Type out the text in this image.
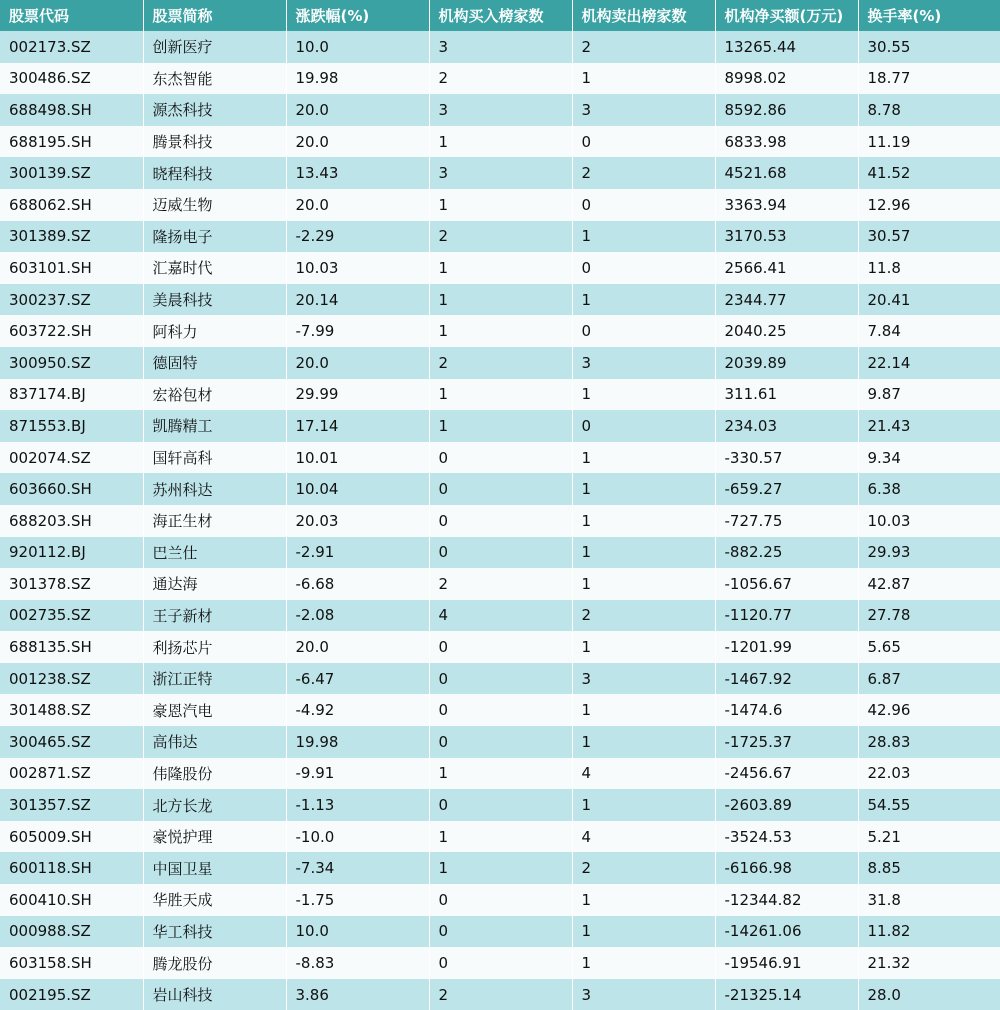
股票代码	股票简称	涨跌幅(%)	机构买入榜家数	机构卖出榜家数	机构净买额(万元)	换手率(%)
002173.SZ	创新医疗	10.0	3	2	13265.44	30.55
300486.SZ	东杰智能	19.98	2	1	8998.02	18.77
688498.SH	源杰科技	20.0	3	3	8592.86	8.78
688195.SH	腾景科技	20.0	1	0	6833.98	11.19
300139.SZ	晓程科技	13.43	3	2	4521.68	41.52
688062.SH	迈威生物	20.0	1	0	3363.94	12.96
301389.SZ	隆扬电子	-2.29	2	1	3170.53	30.57
603101.SH	汇嘉时代	10.03	1	0	2566.41	11.8
300237.SZ	美晨科技	20.14	1	1	2344.77	20.41
603722.SH	阿科力	-7.99	1	0	2040.25	7.84
300950.SZ	德固特	20.0	2	3	2039.89	22.14
837174.BJ	宏裕包材	29.99	1	1	311.61	9.87
871553.BJ	凯腾精工	17.14	1	0	234.03	21.43
002074.SZ	国轩高科	10.01	0	1	-330.57	9.34
603660.SH	苏州科达	10.04	0	1	-659.27	6.38
688203.SH	海正生材	20.03	0	1	-727.75	10.03
920112.BJ	巴兰仕	-2.91	0	1	-882.25	29.93
301378.SZ	通达海	-6.68	2	1	-1056.67	42.87
002735.SZ	王子新材	-2.08	4	2	-1120.77	27.78
688135.SH	利扬芯片	20.0	0	1	-1201.99	5.65
001238.SZ	浙江正特	-6.47	0	3	-1467.92	6.87
301488.SZ	豪恩汽电	-4.92	0	1	-1474.6	42.96
300465.SZ	高伟达	19.98	0	1	-1725.37	28.83
002871.SZ	伟隆股份	-9.91	1	4	-2456.67	22.03
301357.SZ	北方长龙	-1.13	0	1	-2603.89	54.55
605009.SH	豪悦护理	-10.0	1	4	-3524.53	5.21
600118.SH	中国卫星	-7.34	1	2	-6166.98	8.85
600410.SH	华胜天成	-1.75	0	1	-12344.82	31.8
000988.SZ	华工科技	10.0	0	1	-14261.06	11.82
603158.SH	腾龙股份	-8.83	0	1	-19546.91	21.32
002195.SZ	岩山科技	3.86	2	3	-21325.14	28.0
